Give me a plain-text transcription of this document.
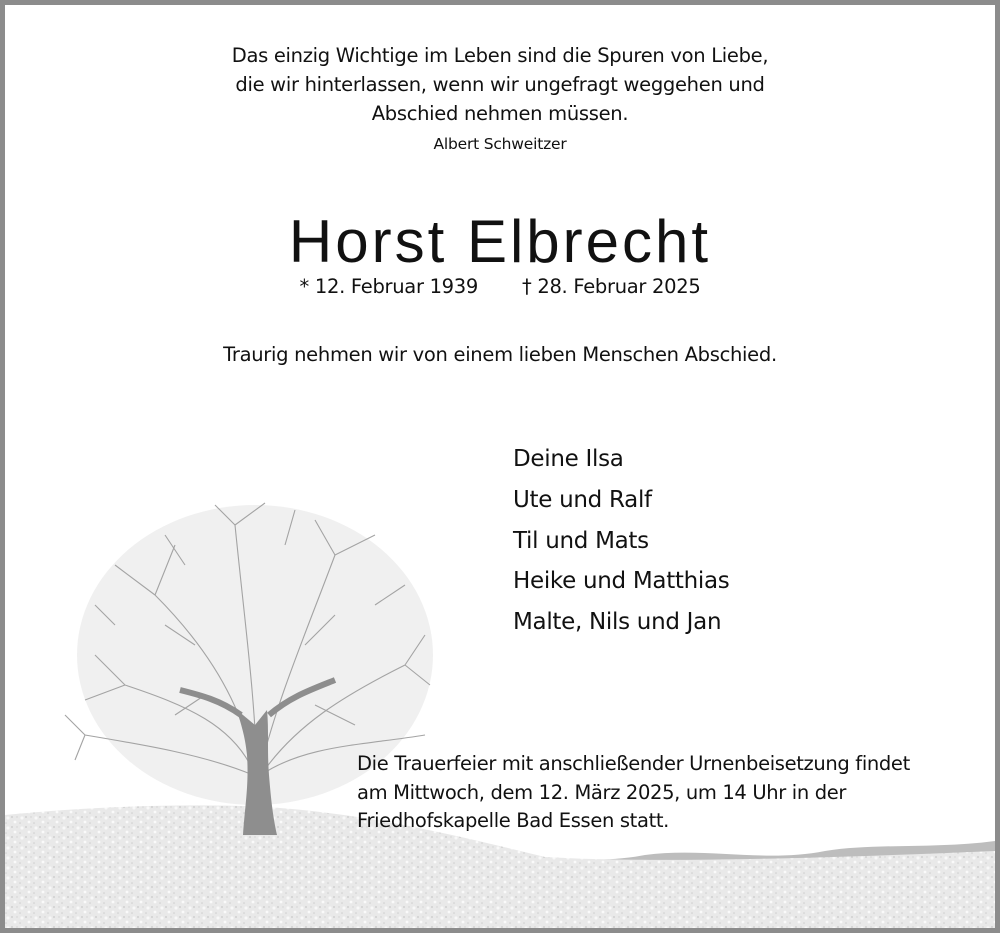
Das einzig Wichtige im Leben sind die Spuren von Liebe,
die wir hinterlassen, wenn wir ungefragt weggehen und
Abschied nehmen müssen.
Albert Schweitzer
Horst Elbrecht
* 12. Februar 1939 † 28. Februar 2025
Traurig nehmen wir von einem lieben Menschen Abschied.
Deine Ilsa
Ute und Ralf
Til und Mats
Heike und Matthias
Malte, Nils und Jan
Die Trauerfeier mit anschließender Urnenbeisetzung findet
am Mittwoch, dem 12. März 2025, um 14 Uhr in der
Friedhofskapelle Bad Essen statt.
